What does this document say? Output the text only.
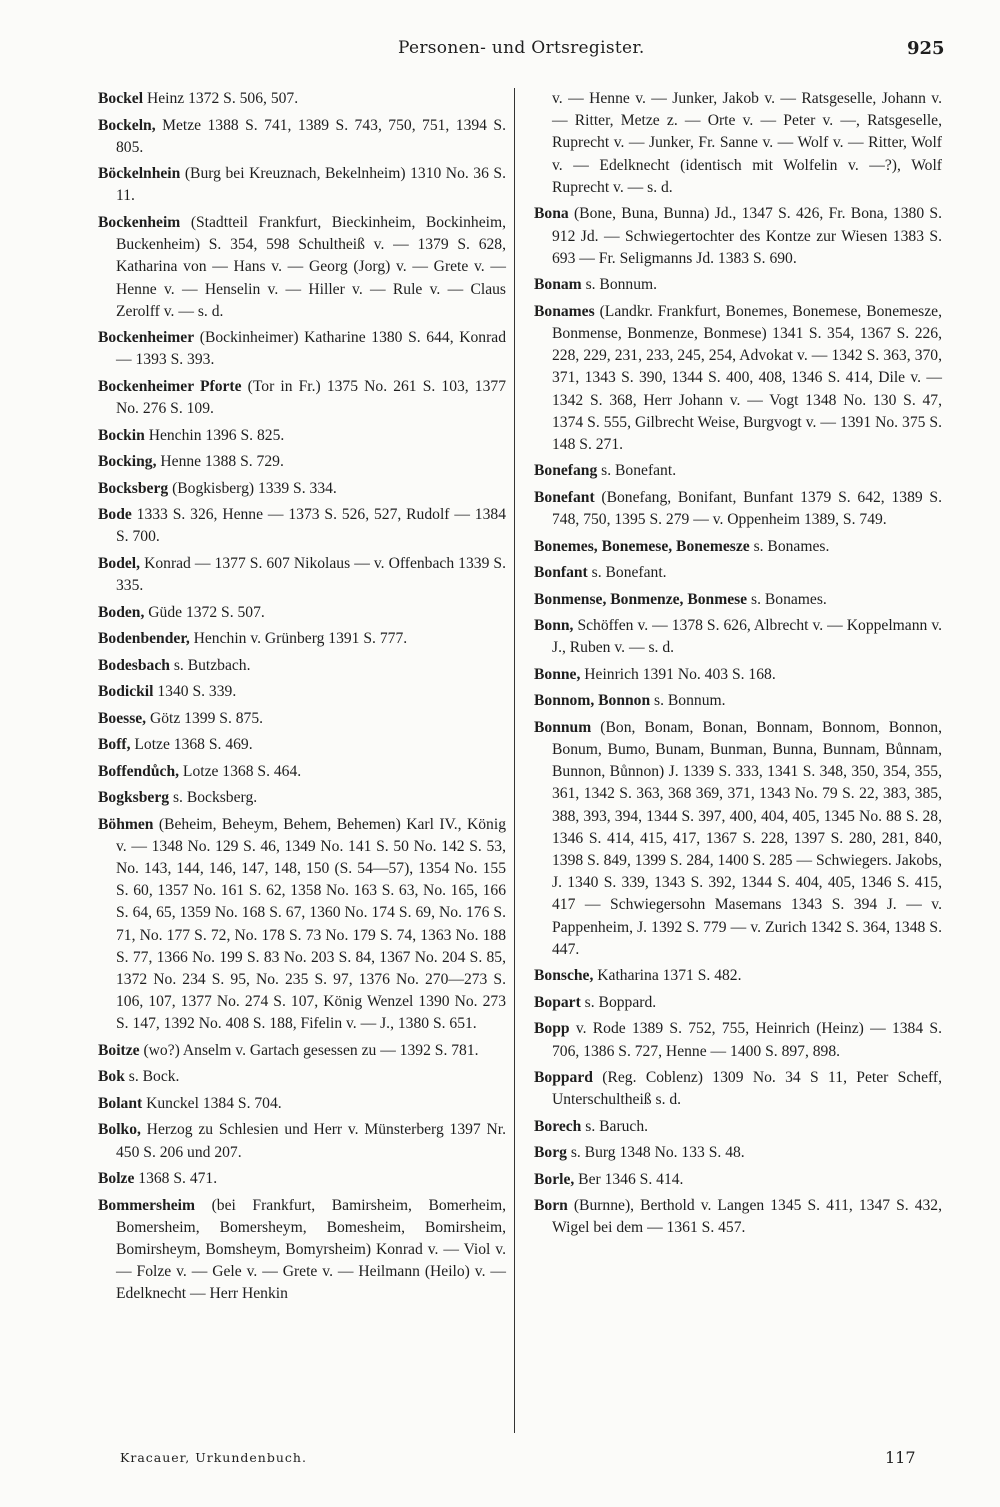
Personen- und Ortsregister.	925
Bockel Heinz 1372 S. 506, 507.
Bockeln, Metze 1388 S. 741, 1389 S. 743, 750, 751, 1394 S. 805.
Böckelnhein (Burg bei Kreuznach, Bekelnheim) 1310 No. 36 S. 11.
Bockenheim (Stadtteil Frankfurt, Bieckinheim, Bockinheim, Buckenheim) S. 354, 598 Schultheiß v. — 1379 S. 628, Katharina von — Hans v. — Georg (Jorg) v. — Grete v. — Henne v. — Henselin v. — Hiller v. — Rule v. — Claus Zerolff v. — s. d.
Bockenheimer (Bockinheimer) Katharine 1380 S. 644, Konrad — 1393 S. 393.
Bockenheimer Pforte (Tor in Fr.) 1375 No. 261 S. 103, 1377 No. 276 S. 109.
Bockin Henchin 1396 S. 825.
Bocking, Henne 1388 S. 729.
Bocksberg (Bogkisberg) 1339 S. 334.
Bode 1333 S. 326, Henne — 1373 S. 526, 527, Rudolf — 1384 S. 700.
Bodel, Konrad — 1377 S. 607 Nikolaus — v. Offenbach 1339 S. 335.
Boden, Güde 1372 S. 507.
Bodenbender, Henchin v. Grünberg 1391 S. 777.
Bodesbach s. Butzbach.
Bodickil 1340 S. 339.
Boesse, Götz 1399 S. 875.
Boff, Lotze 1368 S. 469.
Boffendůch, Lotze 1368 S. 464.
Bogksberg s. Bocksberg.
Böhmen (Beheim, Beheym, Behem, Behemen) Karl IV., König v. — 1348 No. 129 S. 46, 1349 No. 141 S. 50 No. 142 S. 53, No. 143, 144, 146, 147, 148, 150 (S. 54—57), 1354 No. 155 S. 60, 1357 No. 161 S. 62, 1358 No. 163 S. 63, No. 165, 166 S. 64, 65, 1359 No. 168 S. 67, 1360 No. 174 S. 69, No. 176 S. 71, No. 177 S. 72, No. 178 S. 73 No. 179 S. 74, 1363 No. 188 S. 77, 1366 No. 199 S. 83 No. 203 S. 84, 1367 No. 204 S. 85, 1372 No. 234 S. 95, No. 235 S. 97, 1376 No. 270—273 S. 106, 107, 1377 No. 274 S. 107, König Wenzel 1390 No. 273 S. 147, 1392 No. 408 S. 188, Fifelin v. — J., 1380 S. 651.
Boitze (wo?) Anselm v. Gartach gesessen zu — 1392 S. 781.
Bok s. Bock.
Bolant Kunckel 1384 S. 704.
Bolko, Herzog zu Schlesien und Herr v. Münsterberg 1397 Nr. 450 S. 206 und 207.
Bolze 1368 S. 471.
Bommersheim (bei Frankfurt, Bamirsheim, Bomerheim, Bomersheim, Bomersheym, Bomesheim, Bomirsheim, Bomirsheym, Bomsheym, Bomyrsheim) Konrad v. — Viol v. — Folze v. — Gele v. — Grete v. — Heilmann (Heilo) v. — Edelknecht — Herr Henkin
v. — Henne v. — Junker, Jakob v. — Ratsgeselle, Johann v. — Ritter, Metze z. — Orte v. — Peter v. —, Ratsgeselle, Ruprecht v. — Junker, Fr. Sanne v. — Wolf v. — Ritter, Wolf v. — Edelknecht (identisch mit Wolfelin v. —?), Wolf Ruprecht v. — s. d.
Bona (Bone, Buna, Bunna) Jd., 1347 S. 426, Fr. Bona, 1380 S. 912 Jd. — Schwiegertochter des Kontze zur Wiesen 1383 S. 693 — Fr. Seligmanns Jd. 1383 S. 690.
Bonam s. Bonnum.
Bonames (Landkr. Frankfurt, Bonemes, Bonemese, Bonemesze, Bonmense, Bonmenze, Bonmese) 1341 S. 354, 1367 S. 226, 228, 229, 231, 233, 245, 254, Advokat v. — 1342 S. 363, 370, 371, 1343 S. 390, 1344 S. 400, 408, 1346 S. 414, Dile v. — 1342 S. 368, Herr Johann v. — Vogt 1348 No. 130 S. 47, 1374 S. 555, Gilbrecht Weise, Burgvogt v. — 1391 No. 375 S. 148 S. 271.
Bonefang s. Bonefant.
Bonefant (Bonefang, Bonifant, Bunfant 1379 S. 642, 1389 S. 748, 750, 1395 S. 279 — v. Oppenheim 1389, S. 749.
Bonemes, Bonemese, Bonemesze s. Bonames.
Bonfant s. Bonefant.
Bonmense, Bonmenze, Bonmese s. Bonames.
Bonn, Schöffen v. — 1378 S. 626, Albrecht v. — Koppelmann v. J., Ruben v. — s. d.
Bonne, Heinrich 1391 No. 403 S. 168.
Bonnom, Bonnon s. Bonnum.
Bonnum (Bon, Bonam, Bonan, Bonnam, Bonnom, Bonnon, Bonum, Bumo, Bunam, Bunman, Bunna, Bunnam, Bůnnam, Bunnon, Bůnnon) J. 1339 S. 333, 1341 S. 348, 350, 354, 355, 361, 1342 S. 363, 368 369, 371, 1343 No. 79 S. 22, 383, 385, 388, 393, 394, 1344 S. 397, 400, 404, 405, 1345 No. 88 S. 28, 1346 S. 414, 415, 417, 1367 S. 228, 1397 S. 280, 281, 840, 1398 S. 849, 1399 S. 284, 1400 S. 285 — Schwiegers. Jakobs, J. 1340 S. 339, 1343 S. 392, 1344 S. 404, 405, 1346 S. 415, 417 — Schwiegersohn Masemans 1343 S. 394 J. — v. Pappenheim, J. 1392 S. 779 — v. Zurich 1342 S. 364, 1348 S. 447.
Bonsche, Katharina 1371 S. 482.
Bopart s. Boppard.
Bopp v. Rode 1389 S. 752, 755, Heinrich (Heinz) — 1384 S. 706, 1386 S. 727, Henne — 1400 S. 897, 898.
Boppard (Reg. Coblenz) 1309 No. 34 S 11, Peter Scheff, Unterschultheiß s. d.
Borech s. Baruch.
Borg s. Burg 1348 No. 133 S. 48.
Borle, Ber 1346 S. 414.
Born (Burnne), Berthold v. Langen 1345 S. 411, 1347 S. 432, Wigel bei dem — 1361 S. 457.
Kracauer, Urkundenbuch.	117
